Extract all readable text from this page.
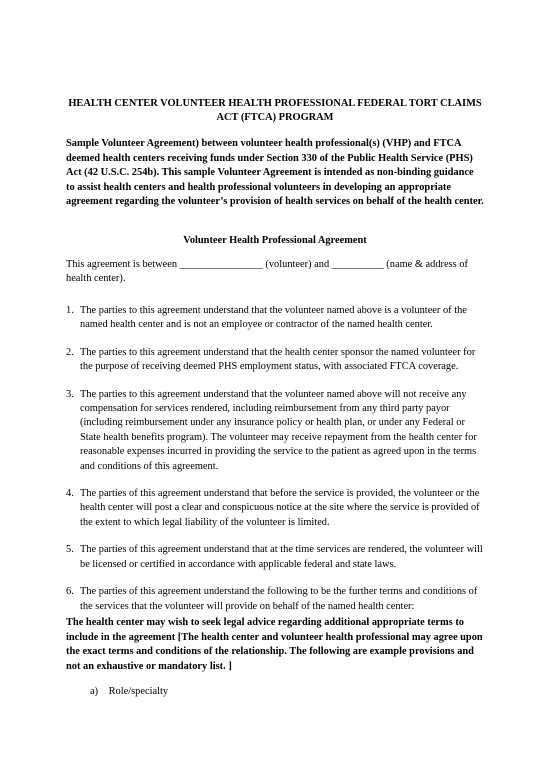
HEALTH CENTER VOLUNTEER HEALTH PROFESSIONAL FEDERAL TORT CLAIMS ACT (FTCA) PROGRAM
Sample Volunteer Agreement) between volunteer health professional(s) (VHP) and FTCA deemed health centers receiving funds under Section 330 of the Public Health Service (PHS) Act (42 U.S.C. 254b). This sample Volunteer Agreement is intended as non-binding guidance to assist health centers and health professional volunteers in developing an appropriate agreement regarding the volunteer’s provision of health services on behalf of the health center.
Volunteer Health Professional Agreement
This agreement is between ________________ (volunteer) and __________ (name & address of health center).
1. The parties to this agreement understand that the volunteer named above is a volunteer of the named health center and is not an employee or contractor of the named health center.
2. The parties to this agreement understand that the health center sponsor the named volunteer for the purpose of receiving deemed PHS employment status, with associated FTCA coverage.
3. The parties to this agreement understand that the volunteer named above will not receive any compensation for services rendered, including reimbursement from any third party payor (including reimbursement under any insurance policy or health plan, or under any Federal or State health benefits program). The volunteer may receive repayment from the health center for reasonable expenses incurred in providing the service to the patient as agreed upon in the terms and conditions of this agreement.
4. The parties of this agreement understand that before the service is provided, the volunteer or the health center will post a clear and conspicuous notice at the site where the service is provided of the extent to which legal liability of the volunteer is limited.
5. The parties of this agreement understand that at the time services are rendered, the volunteer will be licensed or certified in accordance with applicable federal and state laws.
6. The parties of this agreement understand the following to be the further terms and conditions of the services that the volunteer will provide on behalf of the named health center:
The health center may wish to seek legal advice regarding additional appropriate terms to include in the agreement [The health center and volunteer health professional may agree upon the exact terms and conditions of the relationship. The following are example provisions and not an exhaustive or mandatory list. ]
a) Role/specialty
